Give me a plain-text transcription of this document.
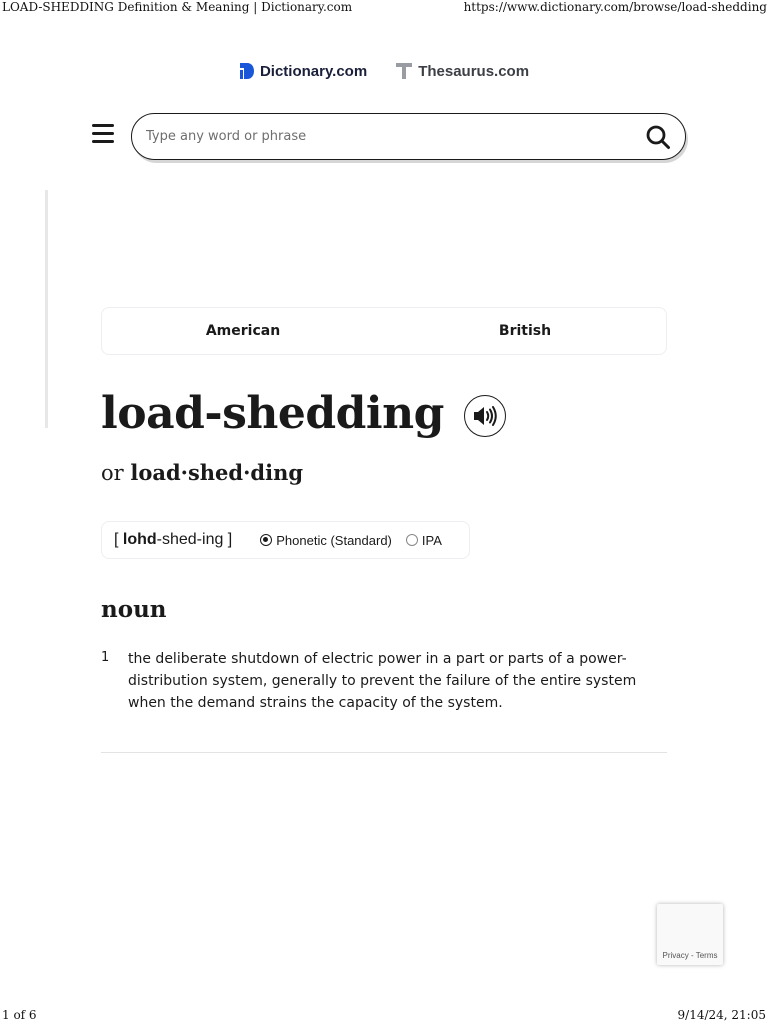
LOAD-SHEDDING Definition & Meaning | Dictionary.com	https://www.dictionary.com/browse/load-shedding
Dictionary.com	Thesaurus.com
Type any word or phrase
American	British
load-shedding
or load·shed·ding
[ lohd-shed-ing ]	Phonetic (Standard) IPA
noun
1	the deliberate shutdown of electric power in a part or parts of a power-distribution system, generally to prevent the failure of the entire system when the demand strains the capacity of the system.
Privacy - Terms
1 of 6	9/14/24, 21:05
